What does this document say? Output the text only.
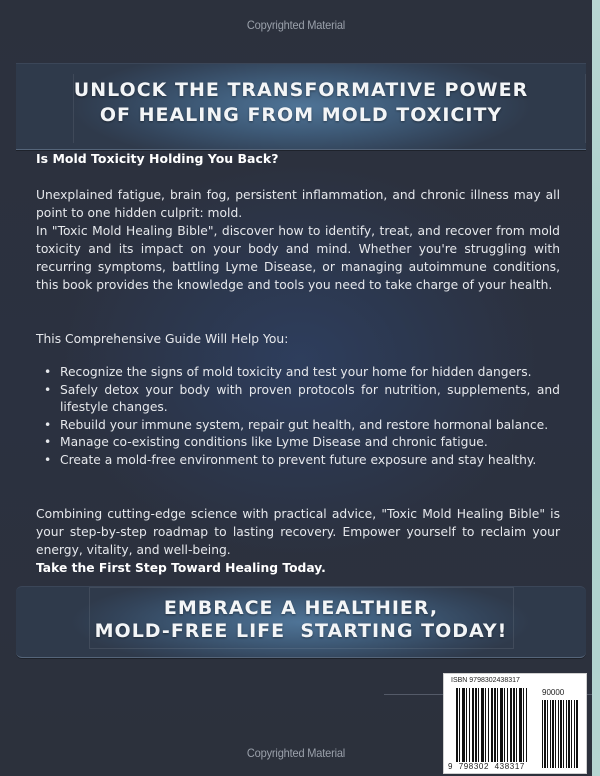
Copyrighted Material
UNLOCK THE TRANSFORMATIVE POWER
OF HEALING FROM MOLD TOXICITY
Is Mold Toxicity Holding You Back?

Unexplained fatigue, brain fog, persistent inflammation, and chronic illness may all point to one hidden culprit: mold.

In "Toxic Mold Healing Bible", discover how to identify, treat, and recover from mold toxicity and its impact on your body and mind. Whether you're struggling with recurring symptoms, battling Lyme Disease, or managing autoimmune conditions, this book provides the knowledge and tools you need to take charge of your health.

This Comprehensive Guide Will Help You:
• Recognize the signs of mold toxicity and test your home for hidden dangers.
• Safely detox your body with proven protocols for nutrition, supplements, and lifestyle changes.
• Rebuild your immune system, repair gut health, and restore hormonal balance.
• Manage co-existing conditions like Lyme Disease and chronic fatigue.
• Create a mold-free environment to prevent future exposure and stay healthy.

Combining cutting-edge science with practical advice, "Toxic Mold Healing Bible" is your step-by-step roadmap to lasting recovery. Empower yourself to reclaim your energy, vitality, and well-being.

Take the First Step Toward Healing Today.
EMBRACE A HEALTHIER,
MOLD-FREE LIFE  STARTING TODAY!
ISBN 9798302438317
90000
9  798302  438317
Copyrighted Material
